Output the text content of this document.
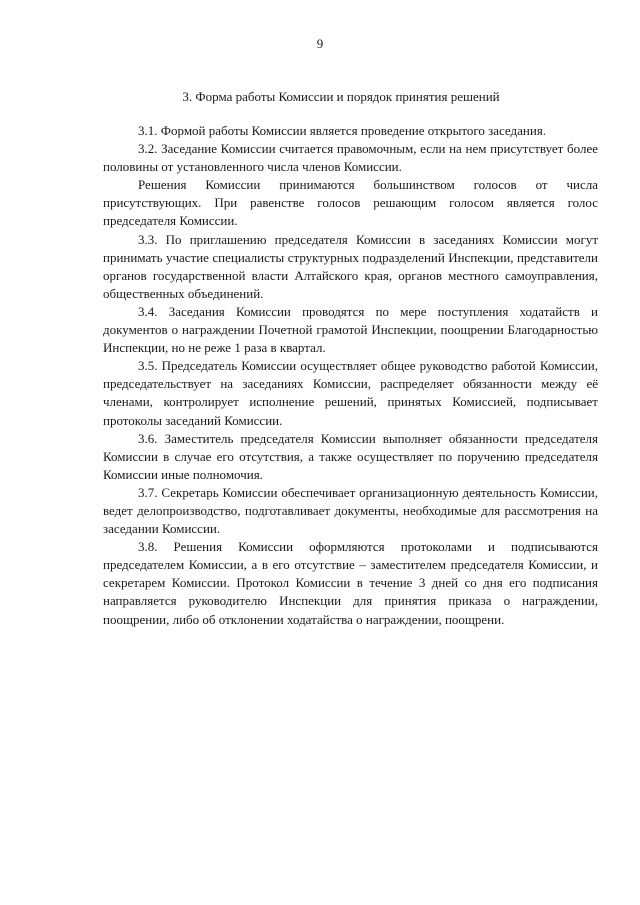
9
3. Форма работы Комиссии и порядок принятия решений

3.1. Формой работы Комиссии является проведение открытого заседания.

3.2. Заседание Комиссии считается правомочным, если на нем присутствует более половины от установленного числа членов Комиссии.

Решения Комиссии принимаются большинством голосов от числа присутствующих. При равенстве голосов решающим голосом является голос председателя Комиссии.

3.3. По приглашению председателя Комиссии в заседаниях Комиссии могут принимать участие специалисты структурных подразделений Инспекции, представители органов государственной власти Алтайского края, органов местного самоуправления, общественных объединений.

3.4. Заседания Комиссии проводятся по мере поступления ходатайств и документов о награждении Почетной грамотой Инспекции, поощрении Благодарностью Инспекции, но не реже 1 раза в квартал.

3.5. Председатель Комиссии осуществляет общее руководство работой Комиссии, председательствует на заседаниях Комиссии, распределяет обязанности между её членами, контролирует исполнение решений, принятых Комиссией, подписывает протоколы заседаний Комиссии.

3.6. Заместитель председателя Комиссии выполняет обязанности председателя Комиссии в случае его отсутствия, а также осуществляет по поручению председателя Комиссии иные полномочия.

3.7. Секретарь Комиссии обеспечивает организационную деятельность Комиссии, ведет делопроизводство, подготавливает документы, необходимые для рассмотрения на заседании Комиссии.

3.8. Решения Комиссии оформляются протоколами и подписываются председателем Комиссии, а в его отсутствие – заместителем председателя Комиссии, и секретарем Комиссии. Протокол Комиссии в течение 3 дней со дня его подписания направляется руководителю Инспекции для принятия приказа о награждении, поощрении, либо об отклонении ходатайства о награждении, поощрени.
